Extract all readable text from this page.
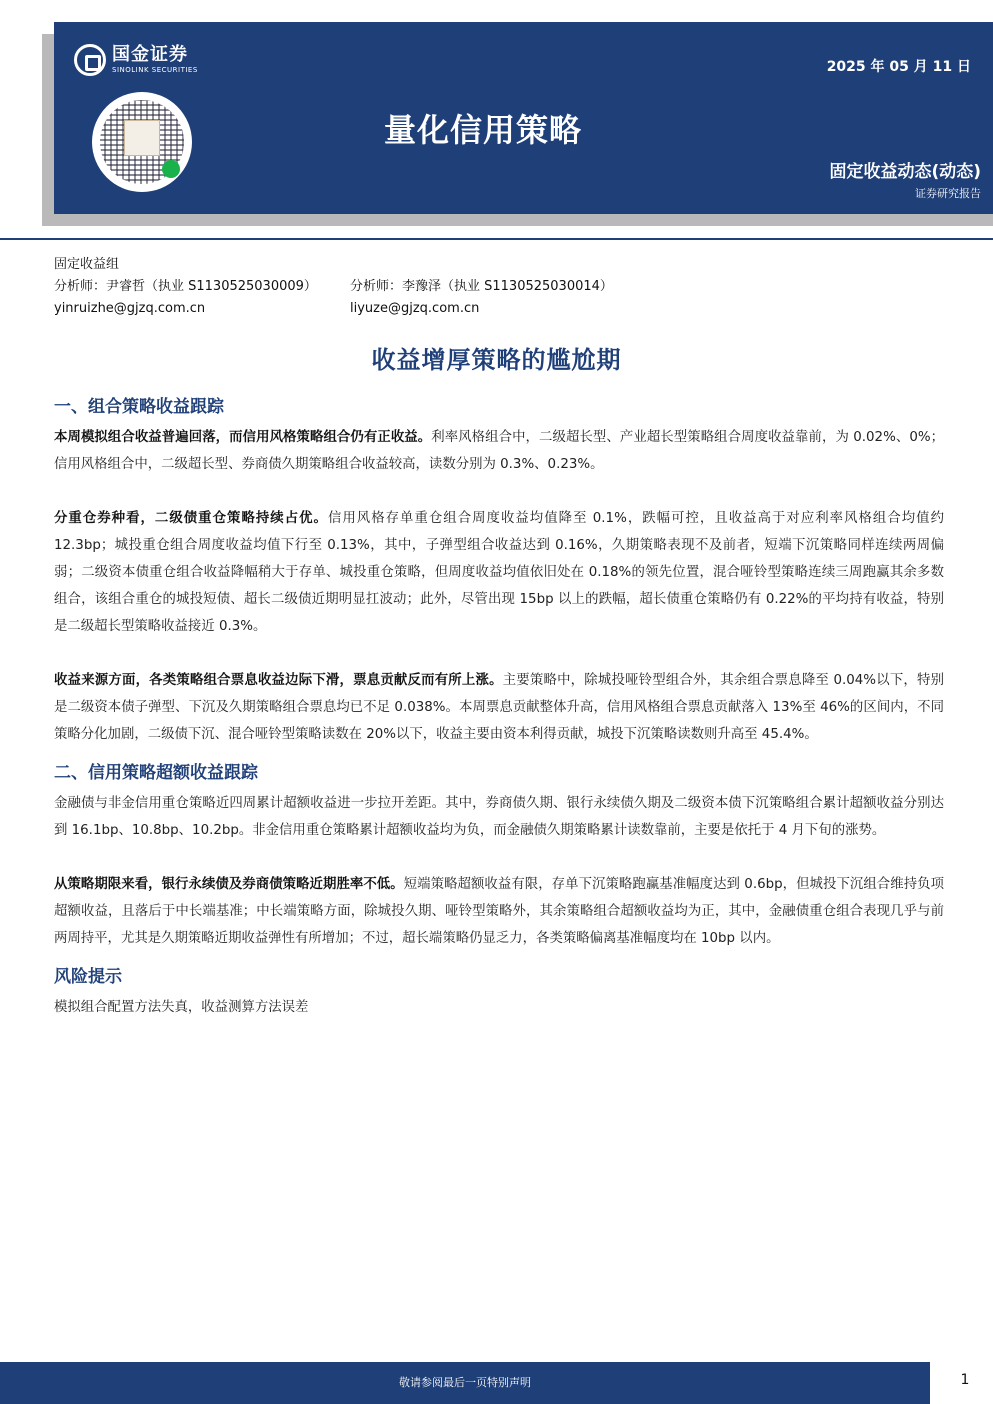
国金证券
SINOLINK SECURITIES
量化信用策略
2025 年 05 月 11 日
固定收益动态(动态)
证券研究报告
固定收益组
分析师：尹睿哲（执业 S1130525030009）	分析师：李豫泽（执业 S1130525030014）
yinruizhe@gjzq.com.cn	liyuze@gjzq.com.cn
收益增厚策略的尴尬期
一、组合策略收益跟踪

本周模拟组合收益普遍回落，而信用风格策略组合仍有正收益。利率风格组合中，二级超长型、产业超长型策略组合周度收益靠前，为 0.02%、0%；信用风格组合中，二级超长型、券商债久期策略组合收益较高，读数分别为 0.3%、0.23%。

分重仓券种看，二级债重仓策略持续占优。信用风格存单重仓组合周度收益均值降至 0.1%，跌幅可控，且收益高于对应利率风格组合均值约 12.3bp；城投重仓组合周度收益均值下行至 0.13%，其中，子弹型组合收益达到 0.16%，久期策略表现不及前者，短端下沉策略同样连续两周偏弱；二级资本债重仓组合收益降幅稍大于存单、城投重仓策略，但周度收益均值依旧处在 0.18%的领先位置，混合哑铃型策略连续三周跑赢其余多数组合，该组合重仓的城投短债、超长二级债近期明显扛波动；此外，尽管出现 15bp 以上的跌幅，超长债重仓策略仍有 0.22%的平均持有收益，特别是二级超长型策略收益接近 0.3%。

收益来源方面，各类策略组合票息收益边际下滑，票息贡献反而有所上涨。主要策略中，除城投哑铃型组合外，其余组合票息降至 0.04%以下，特别是二级资本债子弹型、下沉及久期策略组合票息均已不足 0.038%。本周票息贡献整体升高，信用风格组合票息贡献落入 13%至 46%的区间内，不同策略分化加剧，二级债下沉、混合哑铃型策略读数在 20%以下，收益主要由资本利得贡献，城投下沉策略读数则升高至 45.4%。

二、信用策略超额收益跟踪

金融债与非金信用重仓策略近四周累计超额收益进一步拉开差距。其中，券商债久期、银行永续债久期及二级资本债下沉策略组合累计超额收益分别达到 16.1bp、10.8bp、10.2bp。非金信用重仓策略累计超额收益均为负，而金融债久期策略累计读数靠前，主要是依托于 4 月下旬的涨势。

从策略期限来看，银行永续债及券商债策略近期胜率不低。短端策略超额收益有限，存单下沉策略跑赢基准幅度达到 0.6bp，但城投下沉组合维持负项超额收益，且落后于中长端基准；中长端策略方面，除城投久期、哑铃型策略外，其余策略组合超额收益均为正，其中，金融债重仓组合表现几乎与前两周持平，尤其是久期策略近期收益弹性有所增加；不过，超长端策略仍显乏力，各类策略偏离基准幅度均在 10bp 以内。

风险提示

模拟组合配置方法失真，收益测算方法误差

敬请参阅最后一页特别声明	1
